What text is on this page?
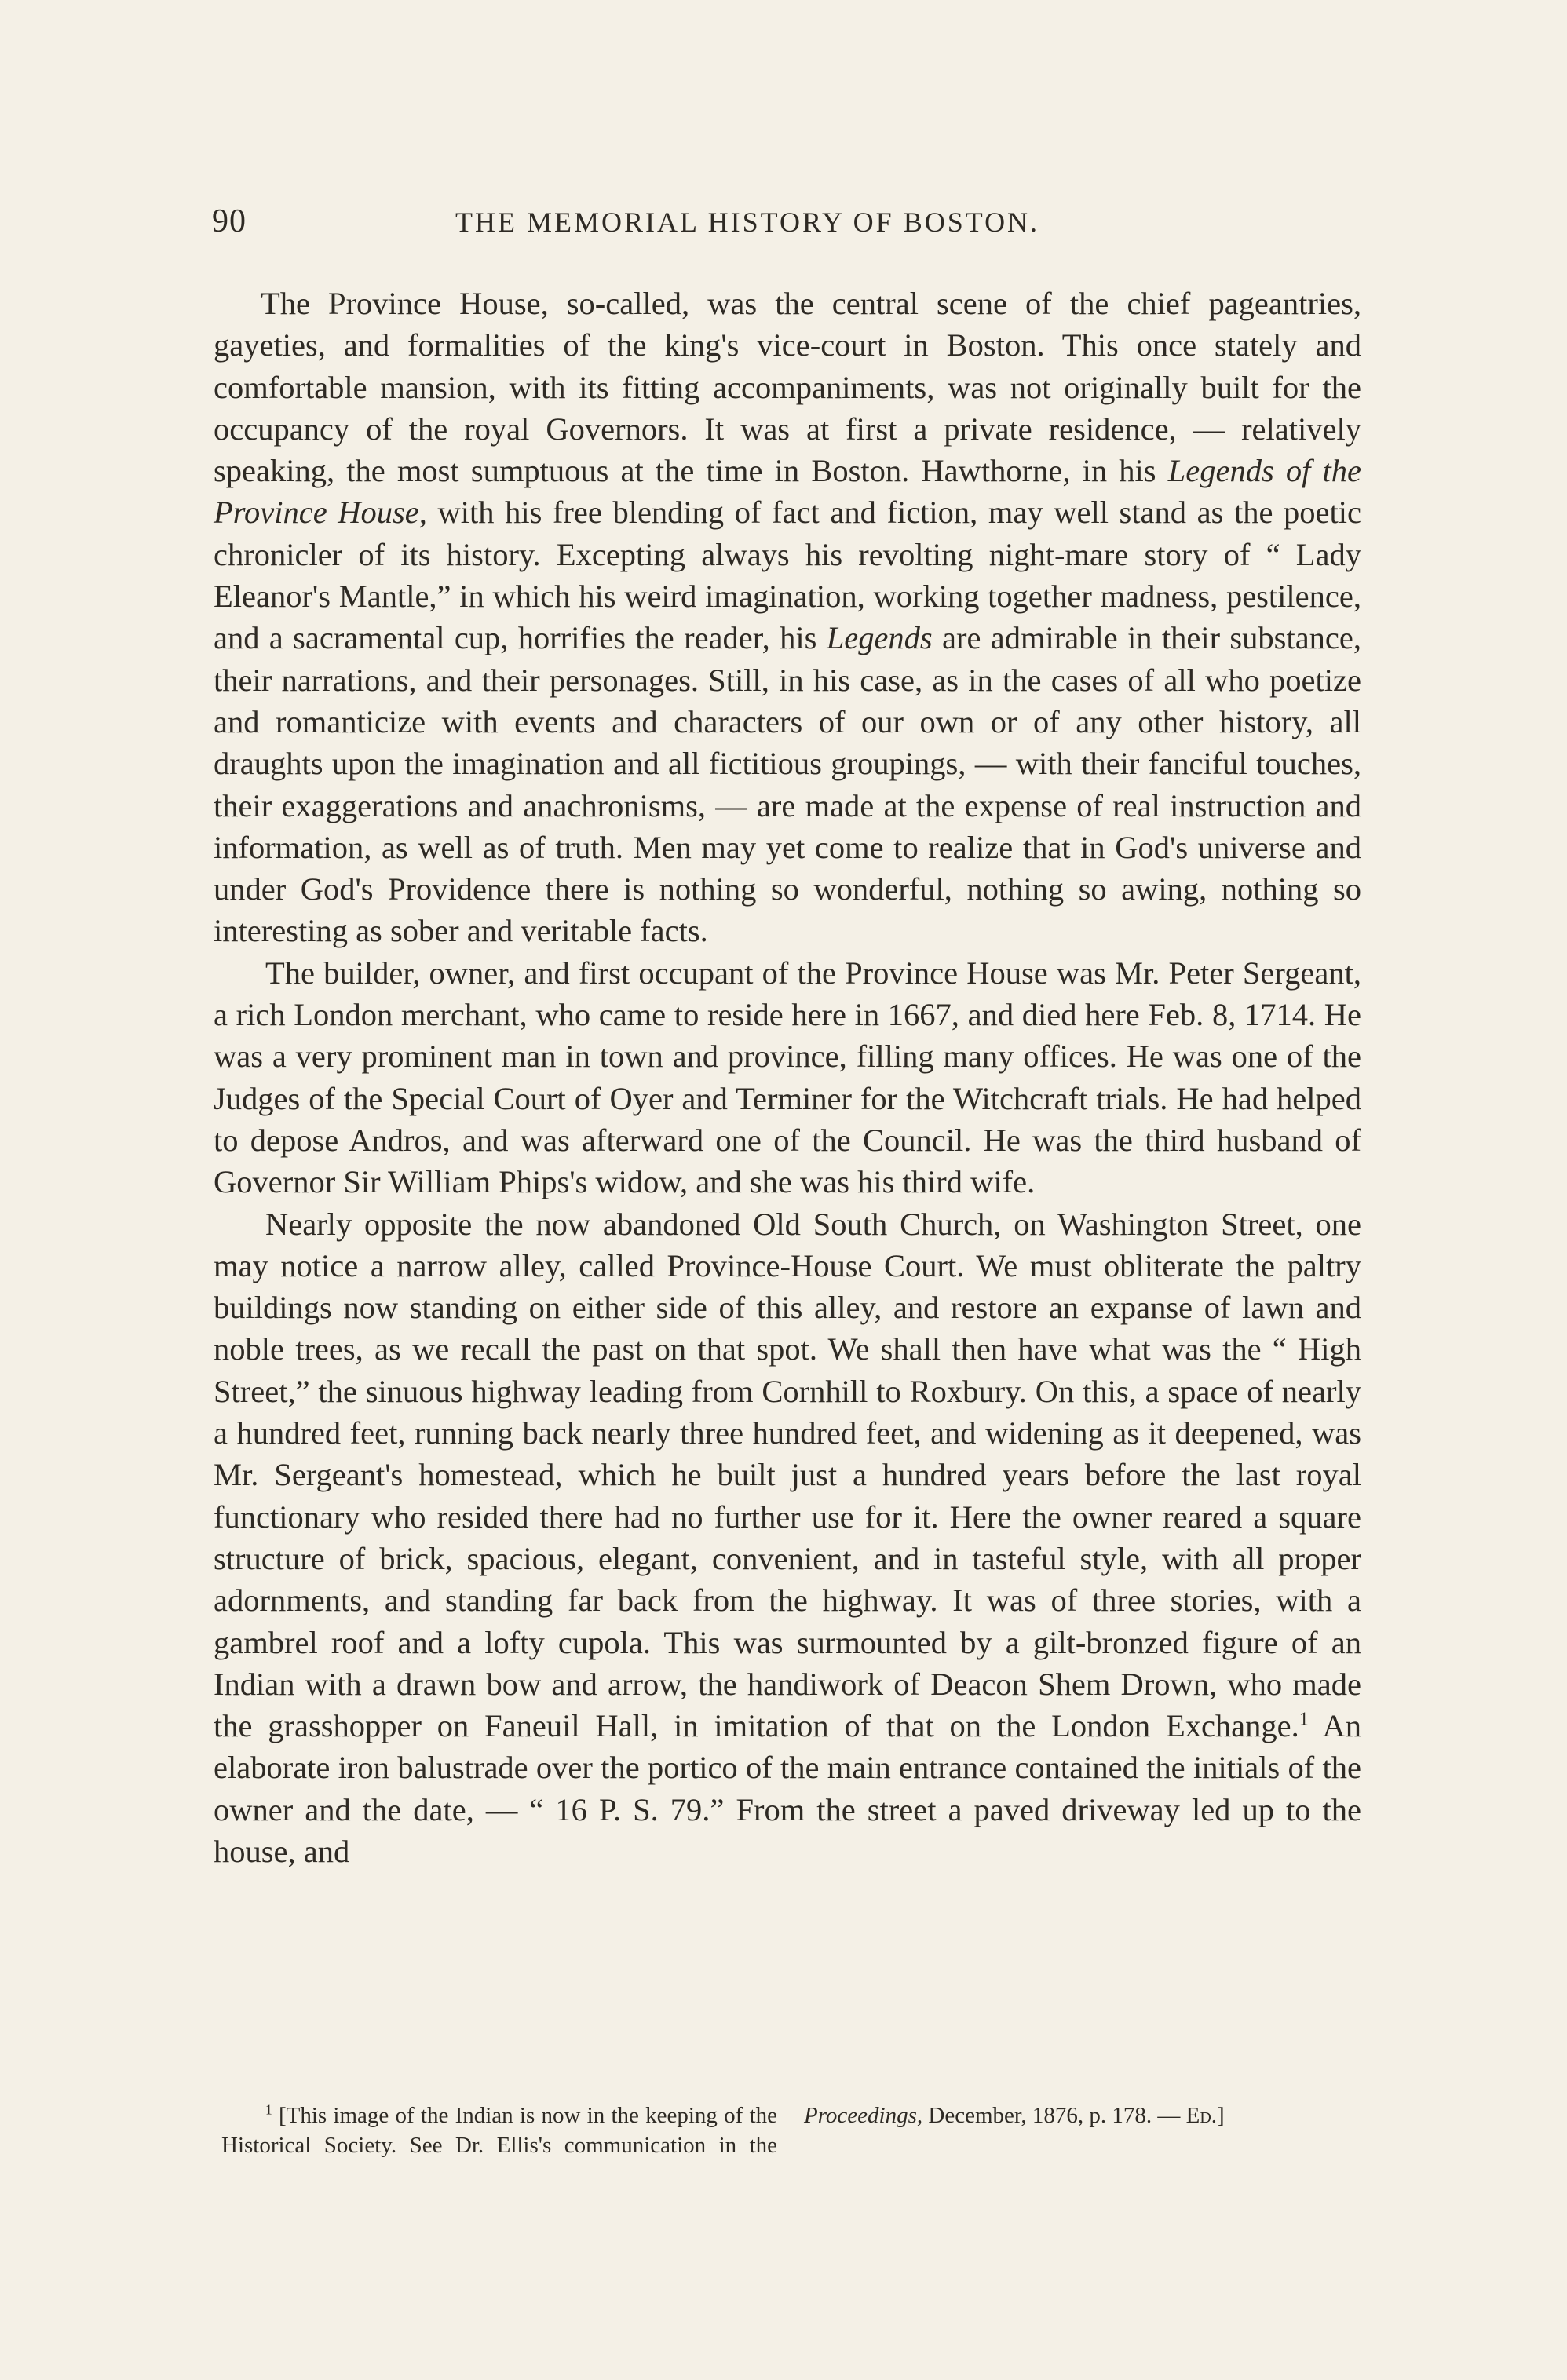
90	THE MEMORIAL HISTORY OF BOSTON.

The Province House, so-called, was the central scene of the chief pageantries, gayeties, and formalities of the king's vice-court in Boston. This once stately and comfortable mansion, with its fitting accompaniments, was not originally built for the occupancy of the royal Governors. It was at first a private residence, — relatively speaking, the most sumptuous at the time in Boston. Hawthorne, in his Legends of the Province House, with his free blending of fact and fiction, may well stand as the poetic chronicler of its history. Excepting always his revolting night-mare story of “ Lady Eleanor's Mantle,” in which his weird imagination, working together madness, pestilence, and a sacramental cup, horrifies the reader, his Legends are admirable in their substance, their narrations, and their personages. Still, in his case, as in the cases of all who poetize and romanticize with events and characters of our own or of any other history, all draughts upon the imagination and all fictitious groupings, — with their fanciful touches, their exaggerations and anachronisms, — are made at the expense of real instruction and information, as well as of truth. Men may yet come to realize that in God's universe and under God's Providence there is nothing so wonderful, nothing so awing, nothing so interesting as sober and veritable facts.

The builder, owner, and first occupant of the Province House was Mr. Peter Sergeant, a rich London merchant, who came to reside here in 1667, and died here Feb. 8, 1714. He was a very prominent man in town and province, filling many offices. He was one of the Judges of the Special Court of Oyer and Terminer for the Witchcraft trials. He had helped to depose Andros, and was afterward one of the Council. He was the third husband of Governor Sir William Phips's widow, and she was his third wife.

Nearly opposite the now abandoned Old South Church, on Washington Street, one may notice a narrow alley, called Province-House Court. We must obliterate the paltry buildings now standing on either side of this alley, and restore an expanse of lawn and noble trees, as we recall the past on that spot. We shall then have what was the “ High Street,” the sinuous highway leading from Cornhill to Roxbury. On this, a space of nearly a hundred feet, running back nearly three hundred feet, and widening as it deepened, was Mr. Sergeant's homestead, which he built just a hundred years before the last royal functionary who resided there had no further use for it. Here the owner reared a square structure of brick, spacious, elegant, convenient, and in tasteful style, with all proper adornments, and standing far back from the highway. It was of three stories, with a gambrel roof and a lofty cupola. This was surmounted by a gilt-bronzed figure of an Indian with a drawn bow and arrow, the handiwork of Deacon Shem Drown, who made the grasshopper on Faneuil Hall, in imitation of that on the London Exchange.$^1$ An elaborate iron balustrade over the portico of the main entrance contained the initials of the owner and the date, — “ 16 P. S. 79.” From the street a paved driveway led up to the house, and

$^1$ [This image of the Indian is now in the keeping of the Historical Society. See Dr. Ellis's communication in the Proceedings, December, 1876, p. 178. — Ed.]
